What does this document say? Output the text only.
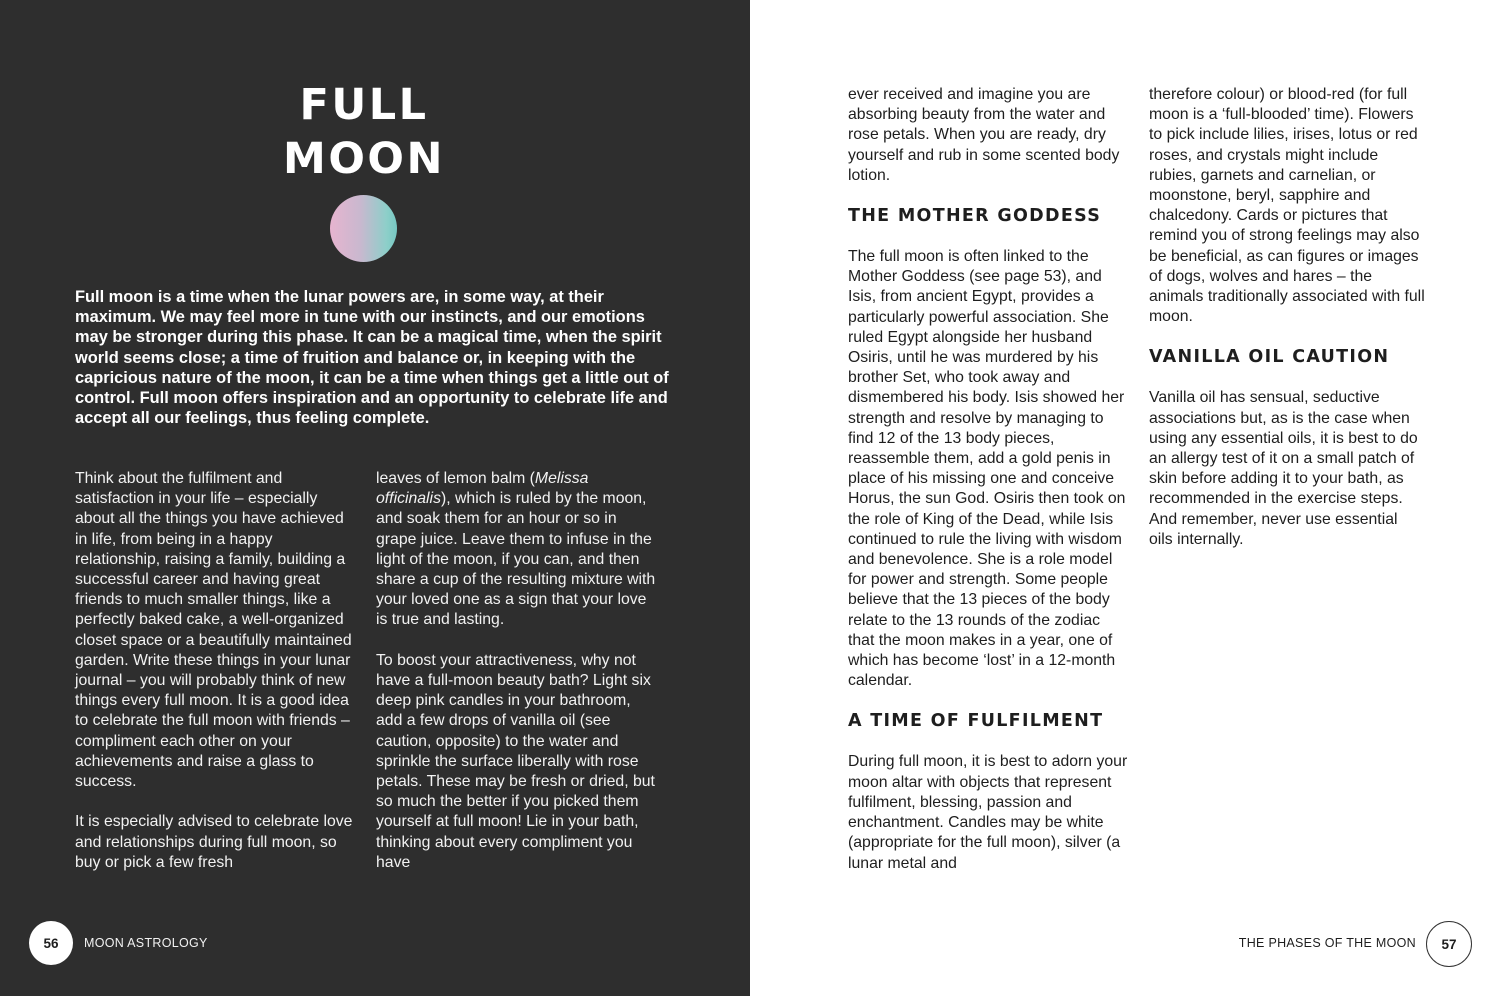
FULL
MOON

Full moon is a time when the lunar powers are, in some way, at their maximum. We may feel more in tune with our instincts, and our emotions may be stronger during this phase. It can be a magical time, when the spirit world seems close; a time of fruition and balance or, in keeping with the capricious nature of the moon, it can be a time when things get a little out of control. Full moon offers inspiration and an opportunity to celebrate life and accept all our feelings, thus feeling complete.

Think about the fulfilment and satisfaction in your life – especially about all the things you have achieved in life, from being in a happy relationship, raising a family, building a successful career and having great friends to much smaller things, like a perfectly baked cake, a well-organized closet space or a beautifully maintained garden. Write these things in your lunar journal – you will probably think of new things every full moon. It is a good idea to celebrate the full moon with friends – compliment each other on your achievements and raise a glass to success.

It is especially advised to celebrate love and relationships during full moon, so buy or pick a few fresh

leaves of lemon balm (Melissa officinalis), which is ruled by the moon, and soak them for an hour or so in grape juice. Leave them to infuse in the light of the moon, if you can, and then share a cup of the resulting mixture with your loved one as a sign that your love is true and lasting.

To boost your attractiveness, why not have a full-moon beauty bath? Light six deep pink candles in your bathroom, add a few drops of vanilla oil (see caution, opposite) to the water and sprinkle the surface liberally with rose petals. These may be fresh or dried, but so much the better if you picked them yourself at full moon! Lie in your bath, thinking about every compliment you have

56 MOON ASTROLOGY

ever received and imagine you are absorbing beauty from the water and rose petals. When you are ready, dry yourself and rub in some scented body lotion.

THE MOTHER GODDESS

The full moon is often linked to the Mother Goddess (see page 53), and Isis, from ancient Egypt, provides a particularly powerful association. She ruled Egypt alongside her husband Osiris, until he was murdered by his brother Set, who took away and dismembered his body. Isis showed her strength and resolve by managing to find 12 of the 13 body pieces, reassemble them, add a gold penis in place of his missing one and conceive Horus, the sun God. Osiris then took on the role of King of the Dead, while Isis continued to rule the living with wisdom and benevolence. She is a role model for power and strength. Some people believe that the 13 pieces of the body relate to the 13 rounds of the zodiac that the moon makes in a year, one of which has become ‘lost’ in a 12-month calendar.

A TIME OF FULFILMENT

During full moon, it is best to adorn your moon altar with objects that represent fulfilment, blessing, passion and enchantment. Candles may be white (appropriate for the full moon), silver (a lunar metal and

therefore colour) or blood-red (for full moon is a ‘full-blooded’ time). Flowers to pick include lilies, irises, lotus or red roses, and crystals might include rubies, garnets and carnelian, or moonstone, beryl, sapphire and chalcedony. Cards or pictures that remind you of strong feelings may also be beneficial, as can figures or images of dogs, wolves and hares – the animals traditionally associated with full moon.

VANILLA OIL CAUTION

Vanilla oil has sensual, seductive associations but, as is the case when using any essential oils, it is best to do an allergy test of it on a small patch of skin before adding it to your bath, as recommended in the exercise steps. And remember, never use essential oils internally.

THE PHASES OF THE MOON 57
